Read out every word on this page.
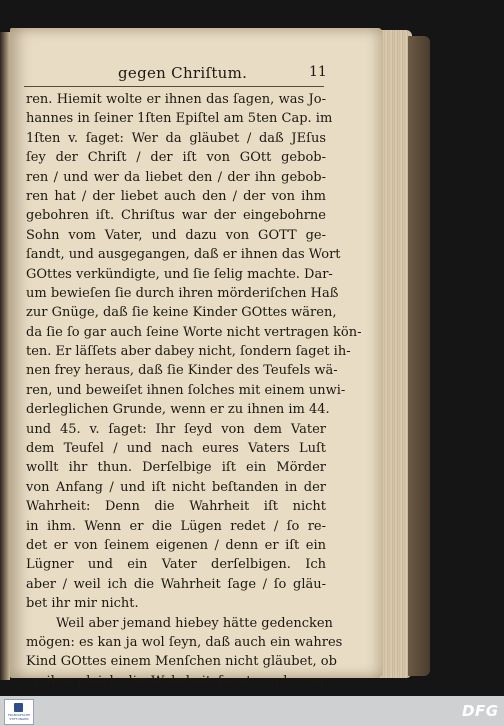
gegen Chriſtum.	11
ren. Hiemit wolte er ihnen das ſagen, was Jo-
hannes in ſeiner 1ſten Epiſtel am 5ten Cap. im
1ſten v. ſaget: Wer da gläubet / daß JEſus
ſey der Chriſt / der iſt von GOtt gebob-
ren / und wer da liebet den / der ihn gebob-
ren hat / der liebet auch den / der von ihm
gebohren iſt. Chriſtus war der eingebohrne
Sohn vom Vater, und dazu von GOTT ge-
ſandt, und ausgegangen, daß er ihnen das Wort
GOttes verkündigte, und ſie ſelig machte. Dar-
um bewieſen ſie durch ihren mörderiſchen Haß
zur Gnüge, daß ſie keine Kinder GOttes wären,
da ſie ſo gar auch ſeine Worte nicht vertragen kön-
ten. Er läſſets aber dabey nicht, ſondern ſaget ih-
nen frey heraus, daß ſie Kinder des Teufels wä-
ren, und beweiſet ihnen ſolches mit einem unwi-
derleglichen Grunde, wenn er zu ihnen im 44.
und 45. v. ſaget: Ihr ſeyd von dem Vater
dem Teufel / und nach eures Vaters Luſt
wollt ihr thun. Derſelbige iſt ein Mörder
von Anfang / und iſt nicht beſtanden in der
Wahrheit: Denn die Wahrheit iſt nicht
in ihm. Wenn er die Lügen redet / ſo re-
det er von ſeinem eigenen / denn er iſt ein
Lügner und ein Vater derſelbigen. Ich
aber / weil ich die Wahrheit ſage / ſo gläu-
bet ihr mir nicht.
Weil aber jemand hiebey hätte gedencken
mögen: es kan ja wol ſeyn, daß auch ein wahres
Kind GOttes einem Menſchen nicht gläubet, ob
er ihm gleich die Wahrheit ſaget; und zwar
FRANCKESCHE STIFTUNGEN	DFG
